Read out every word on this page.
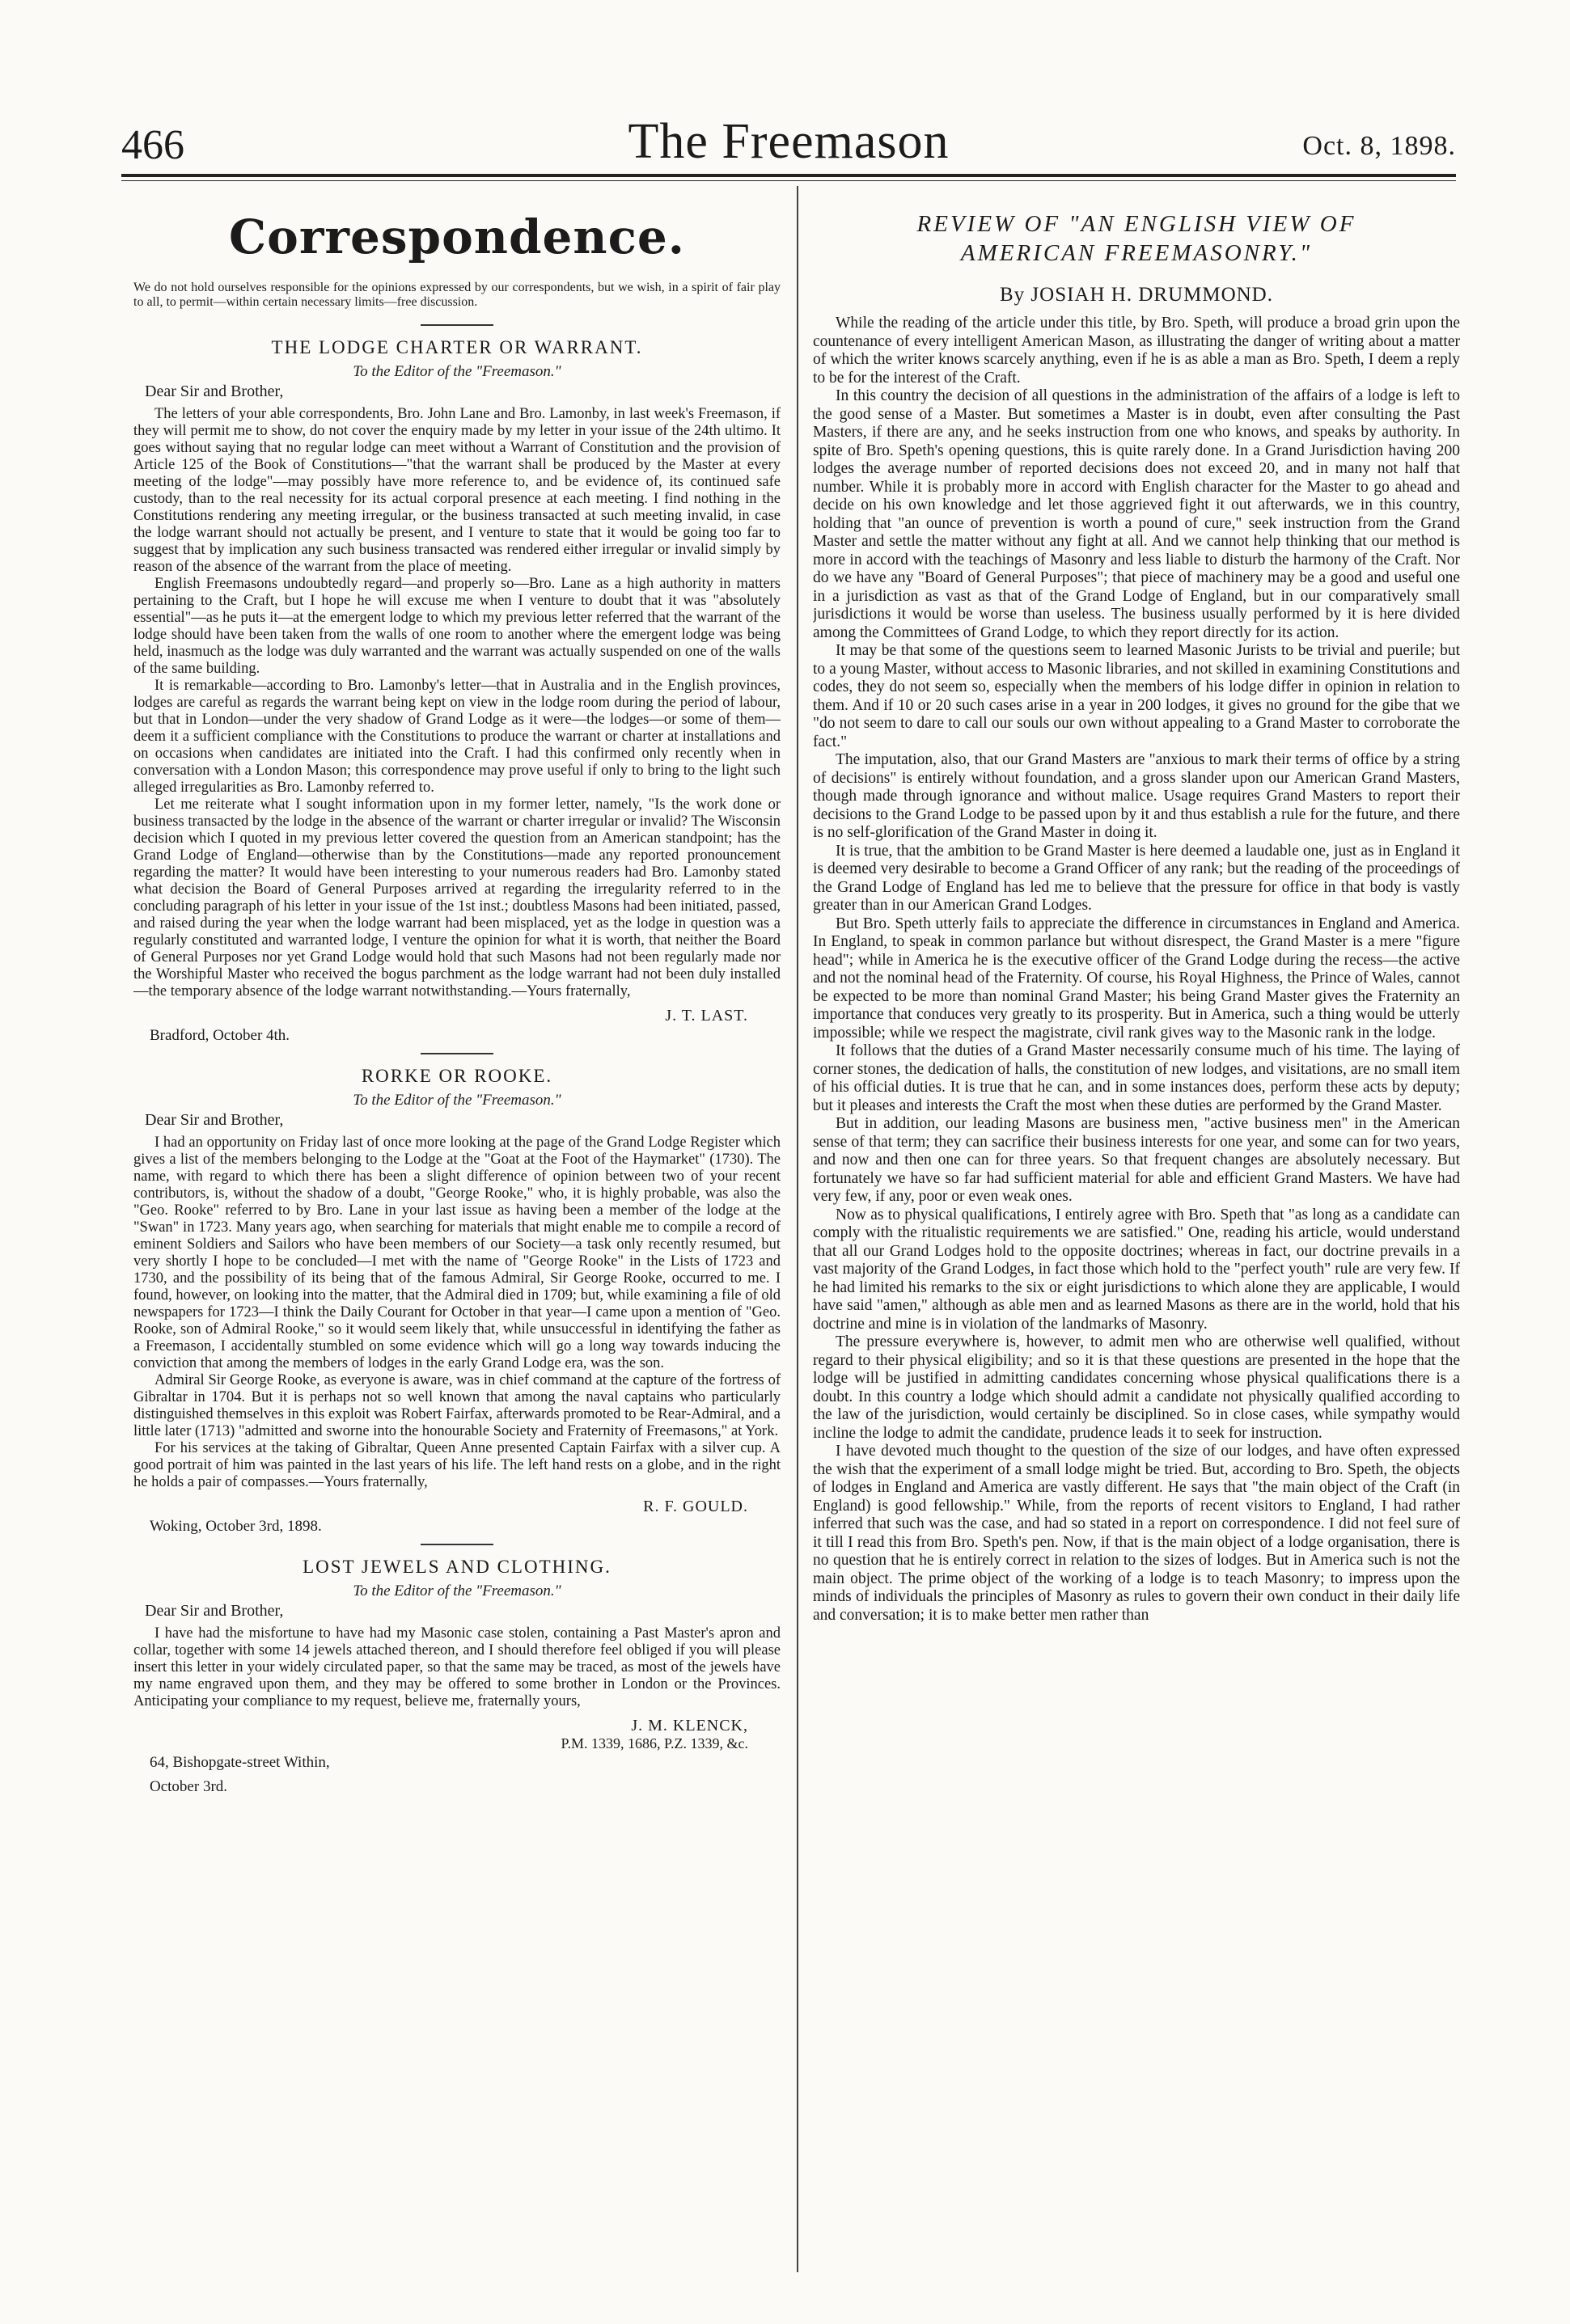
466	The Freemason	Oct. 8, 1898.
Correspondence.
We do not hold ourselves responsible for the opinions expressed by our correspondents, but we wish, in a spirit of fair play to all, to permit—within certain necessary limits—free discussion.
THE LODGE CHARTER OR WARRANT.
To the Editor of the "Freemason."
Dear Sir and Brother,

The letters of your able correspondents, Bro. John Lane and Bro. Lamonby, in last week's Freemason, if they will permit me to show, do not cover the enquiry made by my letter in your issue of the 24th ultimo. It goes without saying that no regular lodge can meet without a Warrant of Constitution and the provision of Article 125 of the Book of Constitutions—"that the warrant shall be produced by the Master at every meeting of the lodge"—may possibly have more reference to, and be evidence of, its continued safe custody, than to the real necessity for its actual corporal presence at each meeting. I find nothing in the Constitutions rendering any meeting irregular, or the business transacted at such meeting invalid, in case the lodge warrant should not actually be present, and I venture to state that it would be going too far to suggest that by implication any such business transacted was rendered either irregular or invalid simply by reason of the absence of the warrant from the place of meeting.

English Freemasons undoubtedly regard—and properly so—Bro. Lane as a high authority in matters pertaining to the Craft, but I hope he will excuse me when I venture to doubt that it was "absolutely essential"—as he puts it—at the emergent lodge to which my previous letter referred that the warrant of the lodge should have been taken from the walls of one room to another where the emergent lodge was being held, inasmuch as the lodge was duly warranted and the warrant was actually suspended on one of the walls of the same building.

It is remarkable—according to Bro. Lamonby's letter—that in Australia and in the English provinces, lodges are careful as regards the warrant being kept on view in the lodge room during the period of labour, but that in London—under the very shadow of Grand Lodge as it were—the lodges—or some of them—deem it a sufficient compliance with the Constitutions to produce the warrant or charter at installations and on occasions when candidates are initiated into the Craft. I had this confirmed only recently when in conversation with a London Mason; this correspondence may prove useful if only to bring to the light such alleged irregularities as Bro. Lamonby referred to.

Let me reiterate what I sought information upon in my former letter, namely, "Is the work done or business transacted by the lodge in the absence of the warrant or charter irregular or invalid? The Wisconsin decision which I quoted in my previous letter covered the question from an American standpoint; has the Grand Lodge of England—otherwise than by the Constitutions—made any reported pronouncement regarding the matter? It would have been interesting to your numerous readers had Bro. Lamonby stated what decision the Board of General Purposes arrived at regarding the irregularity referred to in the concluding paragraph of his letter in your issue of the 1st inst.; doubtless Masons had been initiated, passed, and raised during the year when the lodge warrant had been misplaced, yet as the lodge in question was a regularly constituted and warranted lodge, I venture the opinion for what it is worth, that neither the Board of General Purposes nor yet Grand Lodge would hold that such Masons had not been regularly made nor the Worshipful Master who received the bogus parchment as the lodge warrant had not been duly installed—the temporary absence of the lodge warrant notwithstanding.—Yours fraternally,

J. T. LAST.
Bradford, October 4th.
RORKE OR ROOKE.
To the Editor of the "Freemason."
Dear Sir and Brother,

I had an opportunity on Friday last of once more looking at the page of the Grand Lodge Register which gives a list of the members belonging to the Lodge at the "Goat at the Foot of the Haymarket" (1730). The name, with regard to which there has been a slight difference of opinion between two of your recent contributors, is, without the shadow of a doubt, "George Rooke," who, it is highly probable, was also the "Geo. Rooke" referred to by Bro. Lane in your last issue as having been a member of the lodge at the "Swan" in 1723. Many years ago, when searching for materials that might enable me to compile a record of eminent Soldiers and Sailors who have been members of our Society—a task only recently resumed, but very shortly I hope to be concluded—I met with the name of "George Rooke" in the Lists of 1723 and 1730, and the possibility of its being that of the famous Admiral, Sir George Rooke, occurred to me. I found, however, on looking into the matter, that the Admiral died in 1709; but, while examining a file of old newspapers for 1723—I think the Daily Courant for October in that year—I came upon a mention of "Geo. Rooke, son of Admiral Rooke," so it would seem likely that, while unsuccessful in identifying the father as a Freemason, I accidentally stumbled on some evidence which will go a long way towards inducing the conviction that among the members of lodges in the early Grand Lodge era, was the son.

Admiral Sir George Rooke, as everyone is aware, was in chief command at the capture of the fortress of Gibraltar in 1704. But it is perhaps not so well known that among the naval captains who particularly distinguished themselves in this exploit was Robert Fairfax, afterwards promoted to be Rear-Admiral, and a little later (1713) "admitted and sworne into the honourable Society and Fraternity of Freemasons," at York.

For his services at the taking of Gibraltar, Queen Anne presented Captain Fairfax with a silver cup. A good portrait of him was painted in the last years of his life. The left hand rests on a globe, and in the right he holds a pair of compasses.—Yours fraternally,

R. F. GOULD.
Woking, October 3rd, 1898.
LOST JEWELS AND CLOTHING.
To the Editor of the "Freemason."
Dear Sir and Brother,

I have had the misfortune to have had my Masonic case stolen, containing a Past Master's apron and collar, together with some 14 jewels attached thereon, and I should therefore feel obliged if you will please insert this letter in your widely circulated paper, so that the same may be traced, as most of the jewels have my name engraved upon them, and they may be offered to some brother in London or the Provinces. Anticipating your compliance to my request, believe me, fraternally yours,

J. M. KLENCK,
P.M. 1339, 1686, P.Z. 1339, &c.
64, Bishopgate-street Within,
October 3rd.
REVIEW OF "AN ENGLISH VIEW OF
AMERICAN FREEMASONRY."
By JOSIAH H. DRUMMOND.

While the reading of the article under this title, by Bro. Speth, will produce a broad grin upon the countenance of every intelligent American Mason, as illustrating the danger of writing about a matter of which the writer knows scarcely anything, even if he is as able a man as Bro. Speth, I deem a reply to be for the interest of the Craft.

In this country the decision of all questions in the administration of the affairs of a lodge is left to the good sense of a Master. But sometimes a Master is in doubt, even after consulting the Past Masters, if there are any, and he seeks instruction from one who knows, and speaks by authority. In spite of Bro. Speth's opening questions, this is quite rarely done. In a Grand Jurisdiction having 200 lodges the average number of reported decisions does not exceed 20, and in many not half that number. While it is probably more in accord with English character for the Master to go ahead and decide on his own knowledge and let those aggrieved fight it out afterwards, we in this country, holding that "an ounce of prevention is worth a pound of cure," seek instruction from the Grand Master and settle the matter without any fight at all. And we cannot help thinking that our method is more in accord with the teachings of Masonry and less liable to disturb the harmony of the Craft. Nor do we have any "Board of General Purposes"; that piece of machinery may be a good and useful one in a jurisdiction as vast as that of the Grand Lodge of England, but in our comparatively small jurisdictions it would be worse than useless. The business usually performed by it is here divided among the Committees of Grand Lodge, to which they report directly for its action.

It may be that some of the questions seem to learned Masonic Jurists to be trivial and puerile; but to a young Master, without access to Masonic libraries, and not skilled in examining Constitutions and codes, they do not seem so, especially when the members of his lodge differ in opinion in relation to them. And if 10 or 20 such cases arise in a year in 200 lodges, it gives no ground for the gibe that we "do not seem to dare to call our souls our own without appealing to a Grand Master to corroborate the fact."

The imputation, also, that our Grand Masters are "anxious to mark their terms of office by a string of decisions" is entirely without foundation, and a gross slander upon our American Grand Masters, though made through ignorance and without malice. Usage requires Grand Masters to report their decisions to the Grand Lodge to be passed upon by it and thus establish a rule for the future, and there is no self-glorification of the Grand Master in doing it.

It is true, that the ambition to be Grand Master is here deemed a laudable one, just as in England it is deemed very desirable to become a Grand Officer of any rank; but the reading of the proceedings of the Grand Lodge of England has led me to believe that the pressure for office in that body is vastly greater than in our American Grand Lodges.

But Bro. Speth utterly fails to appreciate the difference in circumstances in England and America. In England, to speak in common parlance but without disrespect, the Grand Master is a mere "figure head"; while in America he is the executive officer of the Grand Lodge during the recess—the active and not the nominal head of the Fraternity. Of course, his Royal Highness, the Prince of Wales, cannot be expected to be more than nominal Grand Master; his being Grand Master gives the Fraternity an importance that conduces very greatly to its prosperity. But in America, such a thing would be utterly impossible; while we respect the magistrate, civil rank gives way to the Masonic rank in the lodge.

It follows that the duties of a Grand Master necessarily consume much of his time. The laying of corner stones, the dedication of halls, the constitution of new lodges, and visitations, are no small item of his official duties. It is true that he can, and in some instances does, perform these acts by deputy; but it pleases and interests the Craft the most when these duties are performed by the Grand Master.

But in addition, our leading Masons are business men, "active business men" in the American sense of that term; they can sacrifice their business interests for one year, and some can for two years, and now and then one can for three years. So that frequent changes are absolutely necessary. But fortunately we have so far had sufficient material for able and efficient Grand Masters. We have had very few, if any, poor or even weak ones.

Now as to physical qualifications, I entirely agree with Bro. Speth that "as long as a candidate can comply with the ritualistic requirements we are satisfied." One, reading his article, would understand that all our Grand Lodges hold to the opposite doctrines; whereas in fact, our doctrine prevails in a vast majority of the Grand Lodges, in fact those which hold to the "perfect youth" rule are very few. If he had limited his remarks to the six or eight jurisdictions to which alone they are applicable, I would have said "amen," although as able men and as learned Masons as there are in the world, hold that his doctrine and mine is in violation of the landmarks of Masonry.

The pressure everywhere is, however, to admit men who are otherwise well qualified, without regard to their physical eligibility; and so it is that these questions are presented in the hope that the lodge will be justified in admitting candidates concerning whose physical qualifications there is a doubt. In this country a lodge which should admit a candidate not physically qualified according to the law of the jurisdiction, would certainly be disciplined. So in close cases, while sympathy would incline the lodge to admit the candidate, prudence leads it to seek for instruction.

I have devoted much thought to the question of the size of our lodges, and have often expressed the wish that the experiment of a small lodge might be tried. But, according to Bro. Speth, the objects of lodges in England and America are vastly different. He says that "the main object of the Craft (in England) is good fellowship." While, from the reports of recent visitors to England, I had rather inferred that such was the case, and had so stated in a report on correspondence. I did not feel sure of it till I read this from Bro. Speth's pen. Now, if that is the main object of a lodge organisation, there is no question that he is entirely correct in relation to the sizes of lodges. But in America such is not the main object. The prime object of the working of a lodge is to teach Masonry; to impress upon the minds of individuals the principles of Masonry as rules to govern their own conduct in their daily life and conversation; it is to make better men rather than
